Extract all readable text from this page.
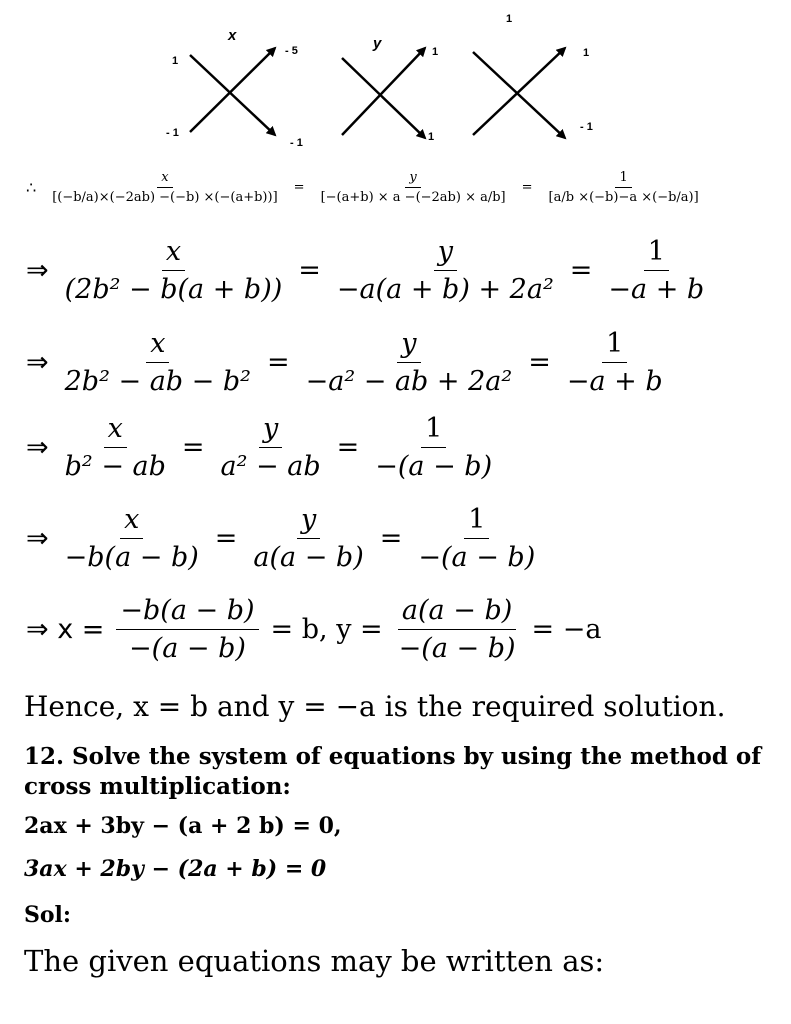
x	y
1
1
- 5
- 1
- 1
1
1
1
- 1
∴ $\frac{x}{[(-b/a)\times(-2ab) -(-b) \times(-(a+b))]} = \frac{y}{[-(a+b) \times a -(-2ab) \times a/b]} = \frac{1}{[a/b \times(-b)-a \times(-b/a)]}$
⇒ $\frac{x}{\text{(2b² − b(a + b))}} = \frac{y}{\text{−a(a + b) + 2a²}} = \frac{1}{-a + b}$
⇒ $\frac{x}{\text{2b² − ab − b²}} = \frac{y}{\text{−a² − ab + 2a²}} = \frac{1}{-a + b}$
⇒ $\frac{x}{\text{b² − ab}} = \frac{y}{\text{a² − ab}} = \frac{1}{-(a - b)}$
⇒ $\frac{x}{-b(a - b)} = \frac{y}{a(a - b)} = \frac{1}{-(a - b)}$
⇒ $x = \frac{-b(a - b)}{-(a - b)} = b$, $y = \frac{a(a - b)}{-(a - b)} = -a$
Hence, x = b and y = −a is the required solution.
12. Solve the system of equations by using the method of cross multiplication:
2ax + 3by − (a + 2 b) = 0,
3ax + 2by − (2a + b) = 0
Sol:
The given equations may be written as:
